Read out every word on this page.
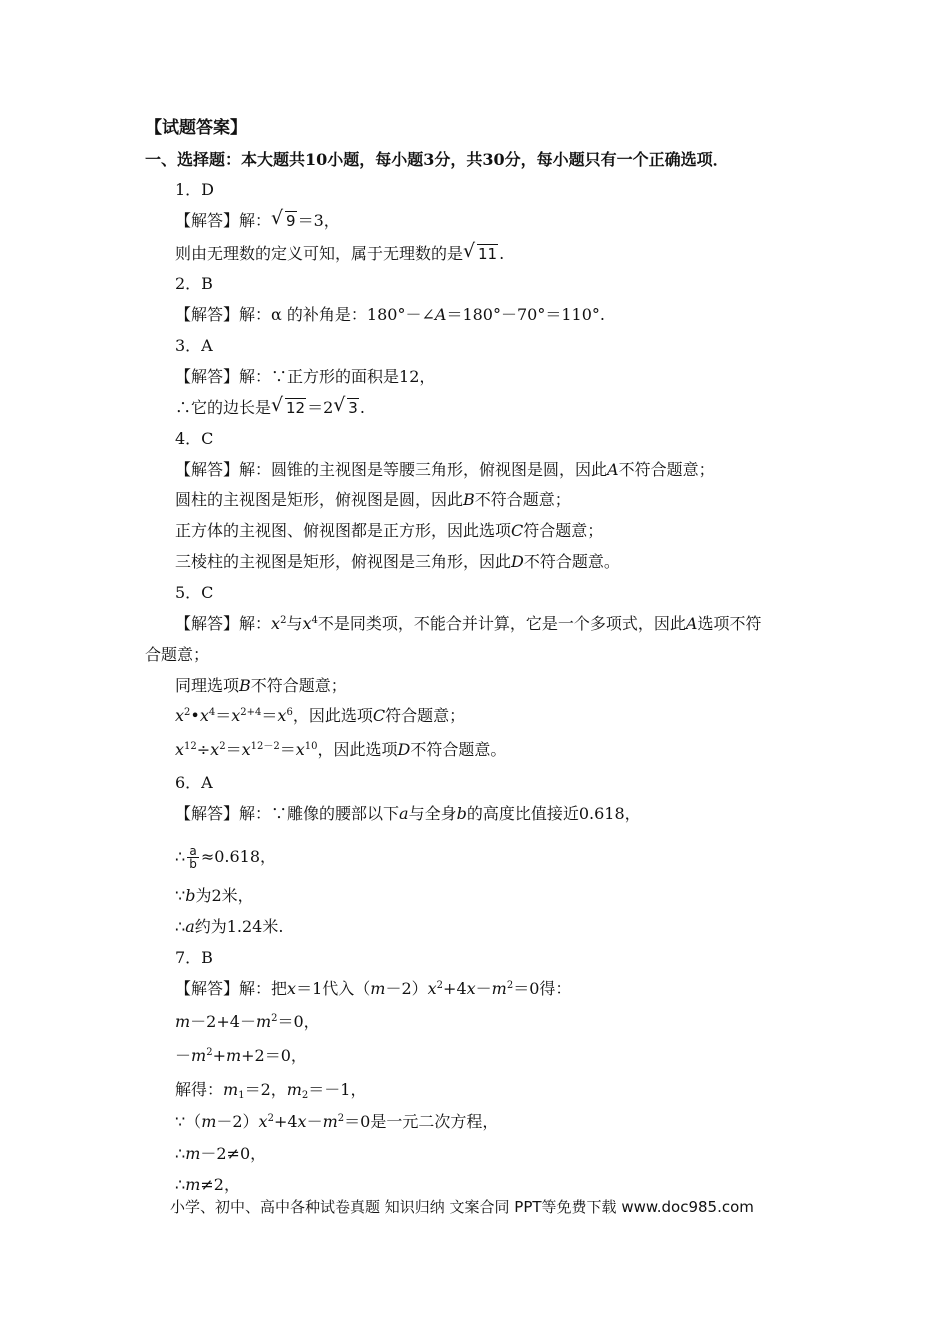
【试题答案】
一、选择题：本大题共10小题，每小题3分，共30分，每小题只有一个正确选项．
1．D
【解答】解： √ 9 ＝3，
则由无理数的定义可知，属于无理数的是 √ 11 .
2．B
【解答】解：α 的补角是：180°－∠A＝180°－70°＝110°.
3．A
【解答】解：∵正方形的面积是12，
∴它的边长是 √ 12 ＝2 √ 3 .
4．C
【解答】解：圆锥的主视图是等腰三角形，俯视图是圆，因此A不符合题意；
圆柱的主视图是矩形，俯视图是圆，因此B不符合题意；
正方体的主视图、俯视图都是正方形，因此选项C符合题意；
三棱柱的主视图是矩形，俯视图是三角形，因此D不符合题意。
5．C
【解答】解：$x^2$与$x^4$不是同类项，不能合并计算，它是一个多项式，因此A选项不符
合题意；
同理选项B不符合题意；
$x^2•x^4=x^{2+4}=x^6$，因此选项C符合题意；
$x^{12}\div x^2=x^{12-2}=x^{10}$，因此选项D不符合题意。
6．A
【解答】解：∵雕像的腰部以下a与全身b的高度比值接近0.618，
∴ $\frac{a}{b} \approx 0.618$，
∵b为2米，
∴a约为1.24米.
7．B
【解答】解：把x＝1代入$(m-2)x^2+4x-m^2=0$得：
$m-2+4-m^2=0$，
$-m^2+m+2=0$，
解得：$m_1=2$，$m_2=-1$，
$\because(m-2)x^2+4x-m^2=0$是一元二次方程，
∴m－2≠0，
∴m≠2，
小学、初中、高中各种试卷真题 知识归纳 文案合同 PPT等免费下载 www.doc985.com
